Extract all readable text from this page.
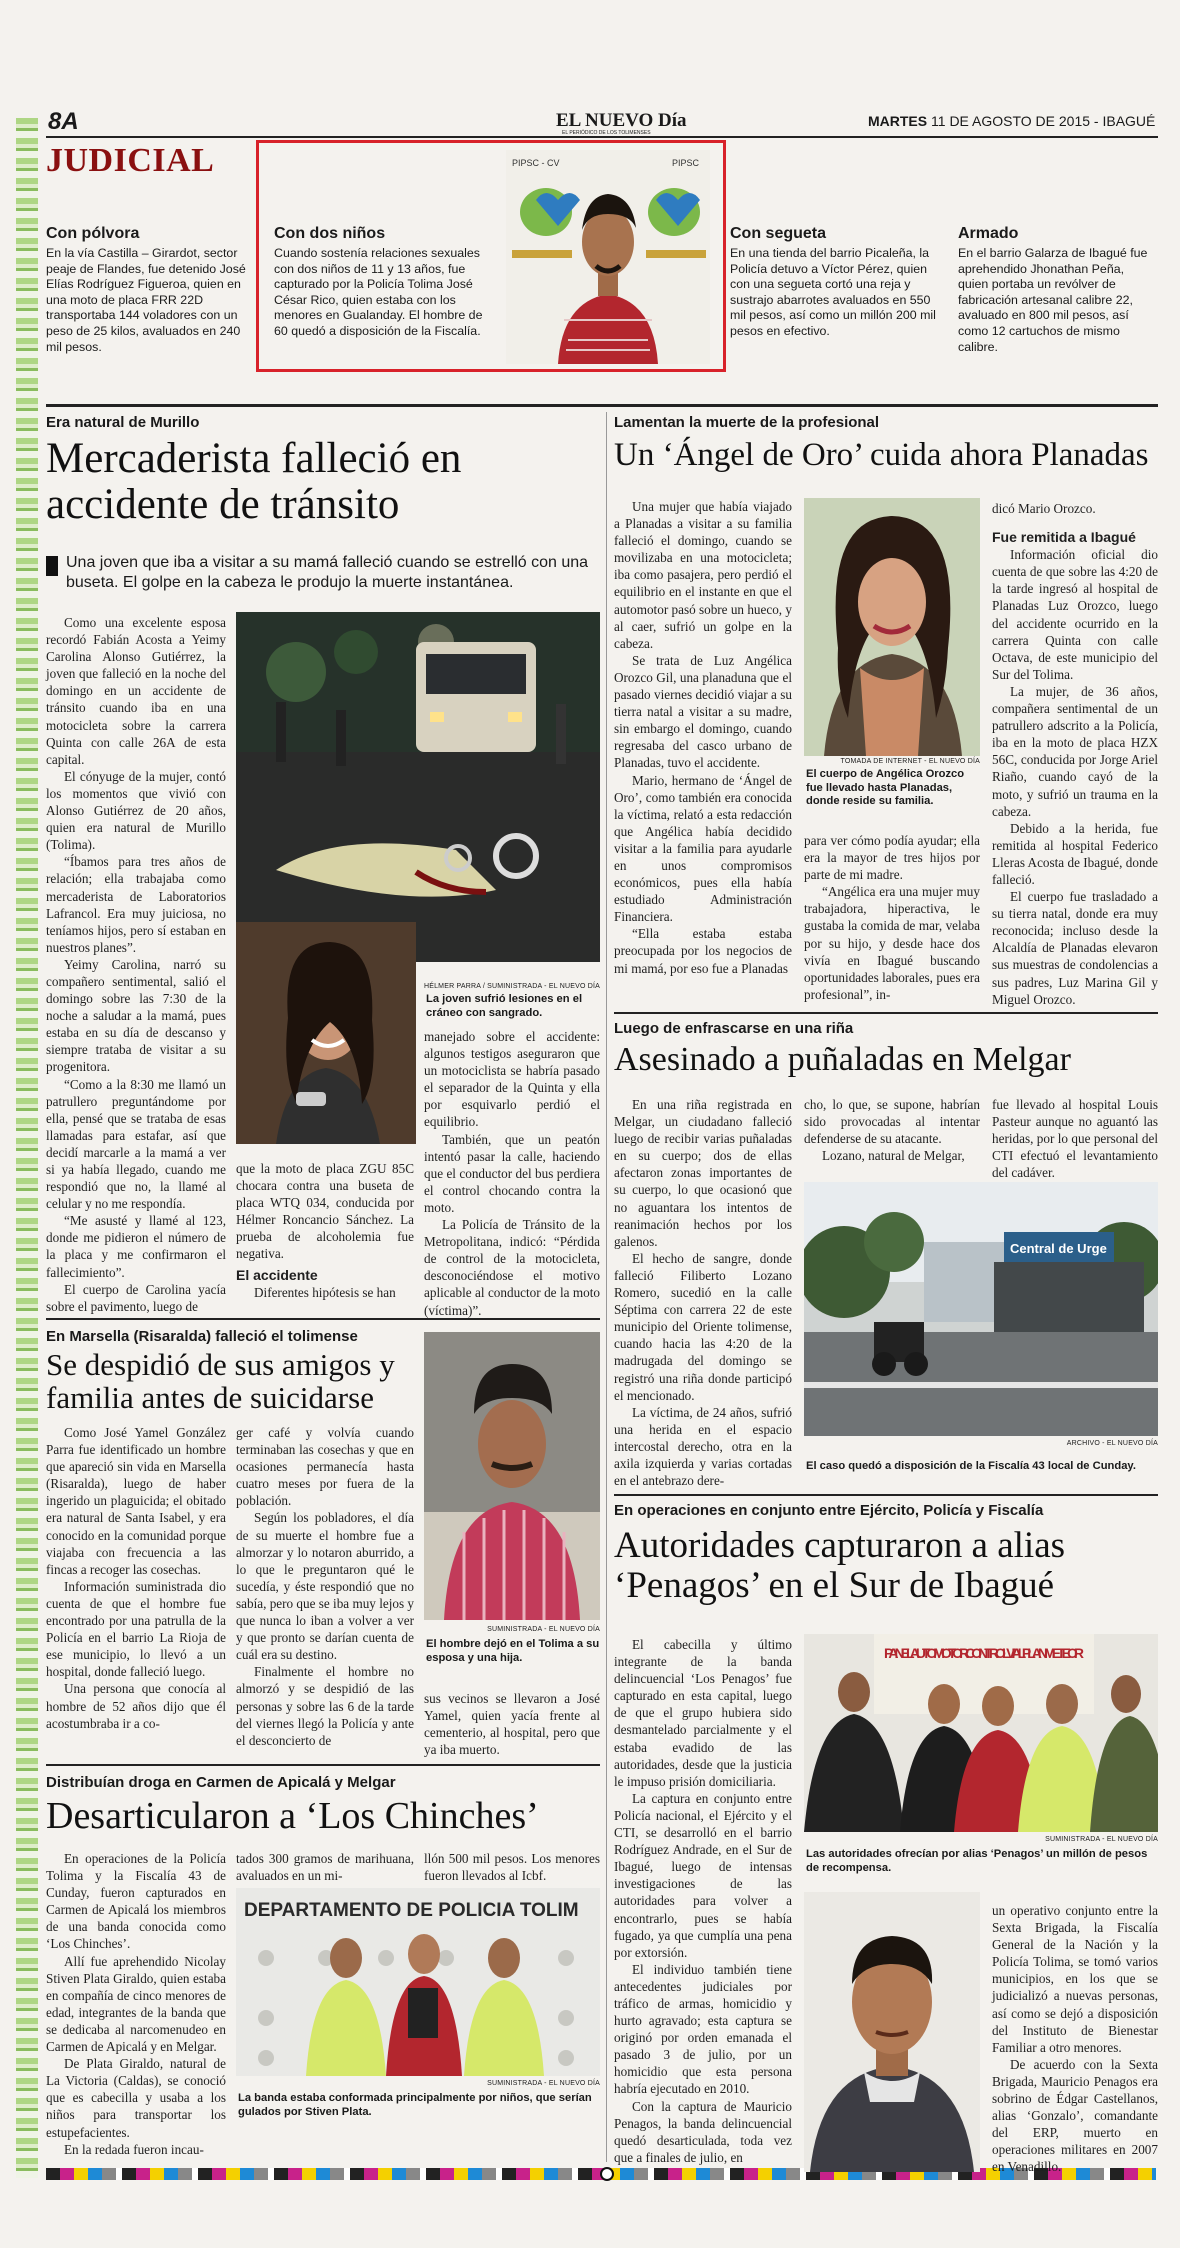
8A	EL NUEVO Día
EL PERIÓDICO DE LOS TOLIMENSES
MARTES 11 DE AGOSTO DE 2015 - IBAGUÉ
JUDICIAL
Con pólvora

En la vía Castilla – Girardot, sector peaje de Flandes, fue detenido José Elías Rodríguez Figueroa, quien en una moto de placa FRR 22D transportaba 144 voladores con un peso de 25 kilos, avaluados en 240 mil pesos.

Con dos niños

Cuando sostenía relaciones sexuales con dos niños de 11 y 13 años, fue capturado por la Policía Tolima José César Rico, quien estaba con los menores en Gualanday. El hombre de 60 quedó a disposición de la Fiscalía.

PIPSC - CV	PIPSC
Con segueta

En una tienda del barrio Picaleña, la Policía detuvo a Víctor Pérez, quien con una segueta cortó una reja y sustrajo abarrotes avaluados en 550 mil pesos, así como un millón 200 mil pesos en efectivo.

Armado

En el barrio Galarza de Ibagué fue aprehendido Jhonathan Peña, quien portaba un revólver de fabricación artesanal calibre 22, avaluado en 800 mil pesos, así como 12 cartuchos de mismo calibre.

Era natural de Murillo
Mercaderista falleció en accidente de tránsito
Una joven que iba a visitar a su mamá falleció cuando se estrelló con una buseta. El golpe en la cabeza le produjo la muerte instantánea.

Como una excelente esposa recordó Fabián Acosta a Yeimy Carolina Alonso Gutiérrez, la joven que falleció en la noche del domingo en un accidente de tránsito cuando iba en una motocicleta sobre la carrera Quinta con calle 26A de esta capital.

El cónyuge de la mujer, contó los momentos que vivió con Alonso Gutiérrez de 20 años, quien era natural de Murillo (Tolima).

“Íbamos para tres años de relación; ella trabajaba como mercaderista de Laboratorios Lafrancol. Era muy juiciosa, no teníamos hijos, pero sí estaban en nuestros planes”.

Yeimy Carolina, narró su compañero sentimental, salió el domingo sobre las 7:30 de la noche a saludar a la mamá, pues estaba en su día de descanso y siempre trataba de visitar a su progenitora.

“Como a la 8:30 me llamó un patrullero preguntándome por ella, pensé que se trataba de esas llamadas para estafar, así que decidí marcarle a la mamá a ver si ya había llegado, cuando me respondió que no, la llamé al celular y no me respondía.

“Me asusté y llamé al 123, donde me pidieron el número de la placa y me confirmaron el fallecimiento”.

El cuerpo de Carolina yacía sobre el pavimento, luego de

HÉLMER PARRA / SUMINISTRADA - EL NUEVO DÍA
La joven sufrió lesiones en el cráneo con sangrado.

que la moto de placa ZGU 85C chocara contra una buseta de placa WTQ 034, conducida por Hélmer Roncancio Sánchez. La prueba de alcoholemia fue negativa.

El accidente

Diferentes hipótesis se han

manejado sobre el accidente: algunos testigos aseguraron que un motociclista se habría pasado el separador de la Quinta y ella por esquivarlo perdió el equilibrio.

También, que un peatón intentó pasar la calle, haciendo que el conductor del bus perdiera el control chocando contra la moto.

La Policía de Tránsito de la Metropolitana, indicó: “Pérdida de control de la motocicleta, desconociéndose el motivo aplicable al conductor de la moto (víctima)”.

En Marsella (Risaralda) falleció el tolimense
Se despidió de sus amigos y familia antes de suicidarse

Como José Yamel González Parra fue identificado un hombre que apareció sin vida en Marsella (Risaralda), luego de haber ingerido un plaguicida; el obitado era natural de Santa Isabel, y era conocido en la comunidad porque viajaba con frecuencia a las fincas a recoger las cosechas.

Información suministrada dio cuenta de que el hombre fue encontrado por una patrulla de la Policía en el barrio La Rioja de ese municipio, lo llevó a un hospital, donde falleció luego.

Una persona que conocía al hombre de 52 años dijo que él acostumbraba ir a co-

ger café y volvía cuando terminaban las cosechas y que en ocasiones permanecía hasta cuatro meses por fuera de la población.

Según los pobladores, el día de su muerte el hombre fue a almorzar y lo notaron aburrido, a lo que le preguntaron qué le sucedía, y éste respondió que no sabía, pero que se iba muy lejos y que nunca lo iban a volver a ver y que pronto se darían cuenta de cuál era su destino.

Finalmente el hombre no almorzó y se despidió de las personas y sobre las 6 de la tarde del viernes llegó la Policía y ante el desconcierto de

SUMINISTRADA - EL NUEVO DÍA
El hombre dejó en el Tolima a su esposa y una hija.

sus vecinos se llevaron a José Yamel, quien yacía frente al cementerio, al hospital, pero que ya iba muerto.

Distribuían droga en Carmen de Apicalá y Melgar
Desarticularon a ‘Los Chinches’

En operaciones de la Policía Tolima y la Fiscalía 43 de Cunday, fueron capturados en Carmen de Apicalá los miembros de una banda conocida como ‘Los Chinches’.

Allí fue aprehendido Nicolay Stiven Plata Giraldo, quien estaba en compañía de cinco menores de edad, integrantes de la banda que se dedicaba al narcomenudeo en Carmen de Apicalá y en Melgar.

De Plata Giraldo, natural de La Victoria (Caldas), se conoció que es cabecilla y usaba a los niños para transportar los estupefacientes.

En la redada fueron incau-

tados 300 gramos de marihuana, avaluados en un mi-

llón 500 mil pesos. Los menores fueron llevados al Icbf.

DEPARTAMENTO DE POLICIA TOLIM
SUMINISTRADA - EL NUEVO DÍA
La banda estaba conformada principalmente por niños, que serían gulados por Stiven Plata.
Lamentan la muerte de la profesional
Un ‘Ángel de Oro’ cuida ahora Planadas

Una mujer que había viajado a Planadas a visitar a su familia falleció el domingo, cuando se movilizaba en una motocicleta; iba como pasajera, pero perdió el equilibrio en el instante en que el automotor pasó sobre un hueco, y al caer, sufrió un golpe en la cabeza.

Se trata de Luz Angélica Orozco Gil, una planaduna que el pasado viernes decidió viajar a su tierra natal a visitar a su madre, sin embargo el domingo, cuando regresaba del casco urbano de Planadas, tuvo el accidente.

Mario, hermano de ‘Ángel de Oro’, como también era conocida la víctima, relató a esta redacción que Angélica había decidido visitar a la familia para ayudarle en unos compromisos económicos, pues ella había estudiado Administración Financiera.

“Ella estaba estaba preocupada por los negocios de mi mamá, por eso fue a Planadas

TOMADA DE INTERNET - EL NUEVO DÍA
El cuerpo de Angélica Orozco fue llevado hasta Planadas, donde reside su familia.

para ver cómo podía ayudar; ella era la mayor de tres hijos por parte de mi madre.

“Angélica era una mujer muy trabajadora, hiperactiva, le gustaba la comida de mar, velaba por su hijo, y desde hace dos vivía en Ibagué buscando oportunidades laborales, pues era profesional”, in-

dicó Mario Orozco.

Fue remitida a Ibagué

Información oficial dio cuenta de que sobre las 4:20 de la tarde ingresó al hospital de Planadas Luz Orozco, luego del accidente ocurrido en la carrera Quinta con calle Octava, de este municipio del Sur del Tolima.

La mujer, de 36 años, compañera sentimental de un patrullero adscrito a la Policía, iba en la moto de placa HZX 56C, conducida por Jorge Ariel Riaño, cuando cayó de la moto, y sufrió un trauma en la cabeza.

Debido a la herida, fue remitida al hospital Federico Lleras Acosta de Ibagué, donde falleció.

El cuerpo fue trasladado a su tierra natal, donde era muy reconocida; incluso desde la Alcaldía de Planadas elevaron sus muestras de condolencias a sus padres, Luz Marina Gil y Miguel Orozco.

Luego de enfrascarse en una riña
Asesinado a puñaladas en Melgar

En una riña registrada en Melgar, un ciudadano falleció luego de recibir varias puñaladas en su cuerpo; dos de ellas afectaron zonas importantes de su cuerpo, lo que ocasionó que no aguantara los intentos de reanimación hechos por los galenos.

El hecho de sangre, donde falleció Filiberto Lozano Romero, sucedió en la calle Séptima con carrera 22 de este municipio del Oriente tolimense, cuando hacia las 4:20 de la madrugada del domingo se registró una riña donde participó el mencionado.

La víctima, de 24 años, sufrió una herida en el espacio intercostal derecho, otra en la axila izquierda y varias cortadas en el antebrazo dere-

cho, lo que, se supone, habrían sido provocadas al intentar defenderse de su atacante.

Lozano, natural de Melgar,

fue llevado al hospital Louis Pasteur aunque no aguantó las heridas, por lo que personal del CTI efectuó el levantamiento del cadáver.

Central de Urge
ARCHIVO - EL NUEVO DÍA
El caso quedó a disposición de la Fiscalía 43 local de Cunday.
En operaciones en conjunto entre Ejército, Policía y Fiscalía
Autoridades capturaron a alias ‘Penagos’ en el Sur de Ibagué

El cabecilla y último integrante de la banda delincuencial ‘Los Penagos’ fue capturado en esta capital, luego de que el grupo hubiera sido desmantelado parcialmente y el estaba evadido de las autoridades, desde que la justicia le impuso prisión domiciliaria.

La captura en conjunto entre Policía nacional, el Ejército y el CTI, se desarrolló en el barrio Rodríguez Andrade, en el Sur de Ibagué, luego de intensas investigaciones de las autoridades para volver a encontrarlo, pues se había fugado, ya que cumplía una pena por extorsión.

El individuo también tiene antecedentes judiciales por tráfico de armas, homicidio y hurto agravado; esta captura se originó por orden emanada el pasado 3 de julio, por un homicidio que esta persona habría ejecutado en 2010.

Con la captura de Mauricio Penagos, la banda delincuencial quedó desarticulada, toda vez que a finales de julio, en

PANEL AUTOMOTOR CONTROL VIAL PLAN METEOR
SUMINISTRADA - EL NUEVO DÍA
Las autoridades ofrecían por alias ‘Penagos’ un millón de pesos de recompensa.

un operativo conjunto entre la Sexta Brigada, la Fiscalía General de la Nación y la Policía Tolima, se tomó varios municipios, en los que se judicializó a nuevas personas, así como se dejó a disposición del Instituto de Bienestar Familiar a otro menores.

De acuerdo con la Sexta Brigada, Mauricio Penagos era sobrino de Édgar Castellanos, alias ‘Gonzalo’, comandante del ERP, muerto en operaciones militares en 2007 en Venadillo.
